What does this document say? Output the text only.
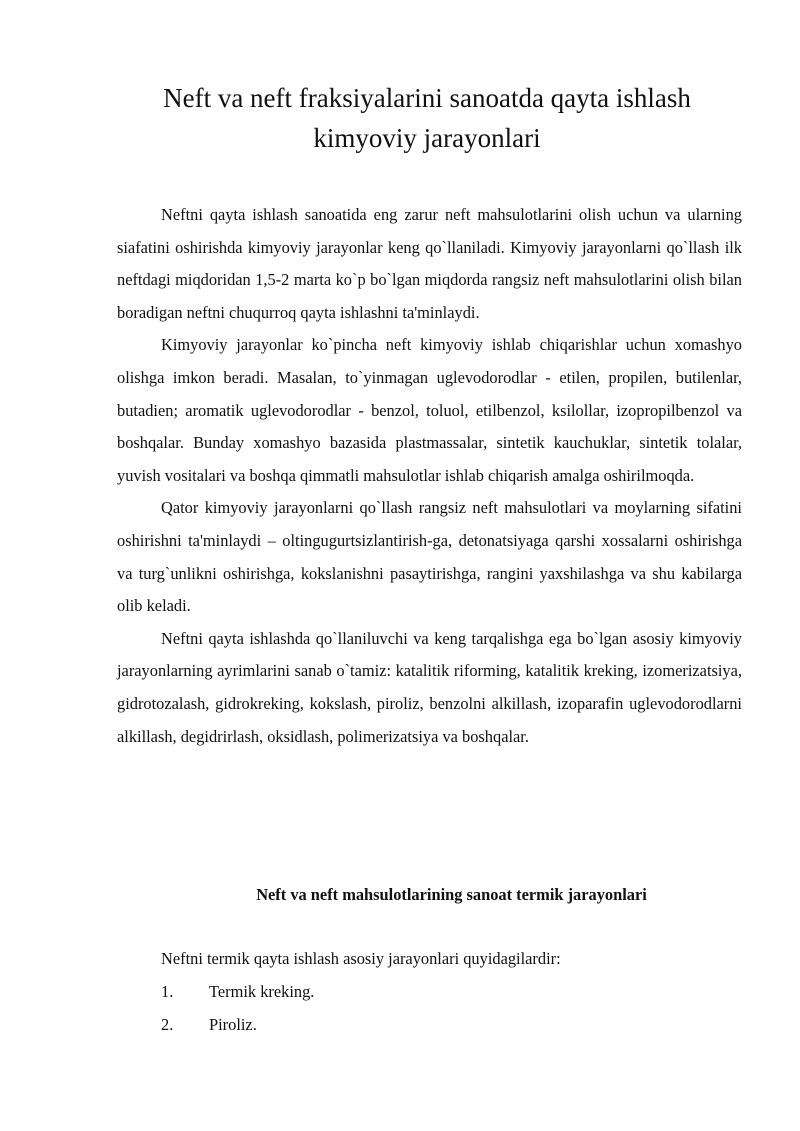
Neft va neft fraksiyalarini sanoatda qayta ishlash kimyoviy jarayonlari

Neftni qayta ishlash sanoatida eng zarur neft mahsulotlarini olish uchun va ularning siafatini oshirishda kimyoviy jarayonlar keng qo`llaniladi. Kimyoviy jarayonlarni qo`llash ilk neftdagi miqdoridan 1,5-2 marta ko`p bo`lgan miqdorda rangsiz neft mahsulotlarini olish bilan boradigan neftni chuqurroq qayta ishlashni ta'minlaydi.

Kimyoviy jarayonlar ko`pincha neft kimyoviy ishlab chiqarishlar uchun xomashyo olishga imkon beradi. Masalan, to`yinmagan uglevodorodlar - etilen, propilen, butilenlar, butadien; aromatik uglevodorodlar - benzol, toluol, etilbenzol, ksilollar, izopropilbenzol va boshqalar. Bunday xomashyo bazasida plastmassalar, sintetik kauchuklar, sintetik tolalar, yuvish vositalari va boshqa qimmatli mahsulotlar ishlab chiqarish amalga oshirilmoqda.

Qator kimyoviy jarayonlarni qo`llash rangsiz neft mahsulotlari va moylarning sifatini oshirishni ta'minlaydi – oltingugurtsizlantirish-ga, detonatsiyaga qarshi xossalarni oshirishga va turg`unlikni oshirishga, kokslanishni pasaytirishga, rangini yaxshilashga va shu kabilarga olib keladi.

Neftni qayta ishlashda qo`llaniluvchi va keng tarqalishga ega bo`lgan asosiy kimyoviy jarayonlarning ayrimlarini sanab o`tamiz: katalitik riforming, katalitik kreking, izomerizatsiya, gidrotozalash, gidrokreking, kokslash, piroliz, benzolni alkillash, izoparafin uglevodorodlarni alkillash, degidrirlash, oksidlash, polimerizatsiya va boshqalar.

Neft va neft mahsulotlarining sanoat termik jarayonlari

Neftni termik qayta ishlash asosiy jarayonlari quyidagilardir:

1.	Termik kreking.
2.	Piroliz.
